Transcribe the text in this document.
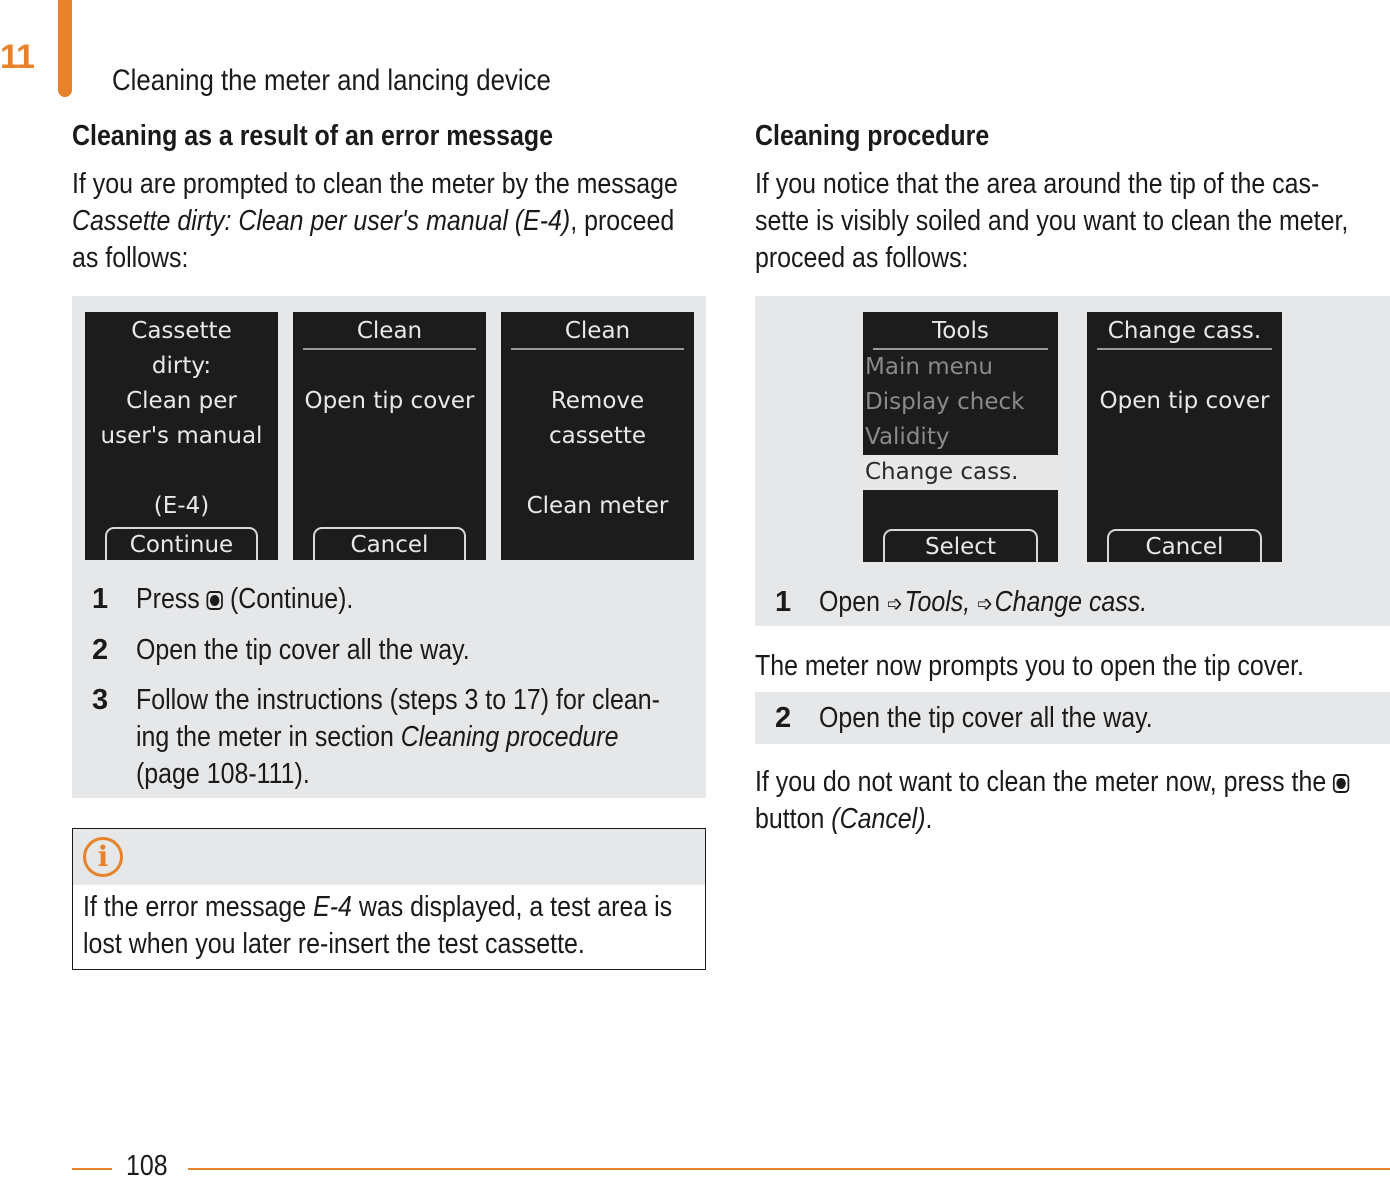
11
Cleaning the meter and lancing device
Cleaning as a result of an error message
If you are prompted to clean the meter by the message
Cassette dirty: Clean per user's manual (E-4), proceed
as follows:
Cassette
dirty:
Clean per
user's manual
(E-4)
Continue
Clean
Open tip cover
Cancel
Clean
Remove
cassette
Clean meter
1 Press (Continue).
2 Open the tip cover all the way.
3 Follow the instructions (steps 3 to 17) for clean-
ing the meter in section Cleaning procedure
(page 108-111).
i
If the error message E-4 was displayed, a test area is
lost when you later re-insert the test cassette.
Cleaning procedure
If you notice that the area around the tip of the cas-
sette is visibly soiled and you want to clean the meter,
proceed as follows:
Tools
Main menu
Display check
Validity
Change cass.
Select
Change cass.
Open tip cover
Cancel
1 Open ➩Tools, ➩Change cass.
The meter now prompts you to open the tip cover.
2 Open the tip cover all the way.
If you do not want to clean the meter now, press the
button (Cancel).
108
